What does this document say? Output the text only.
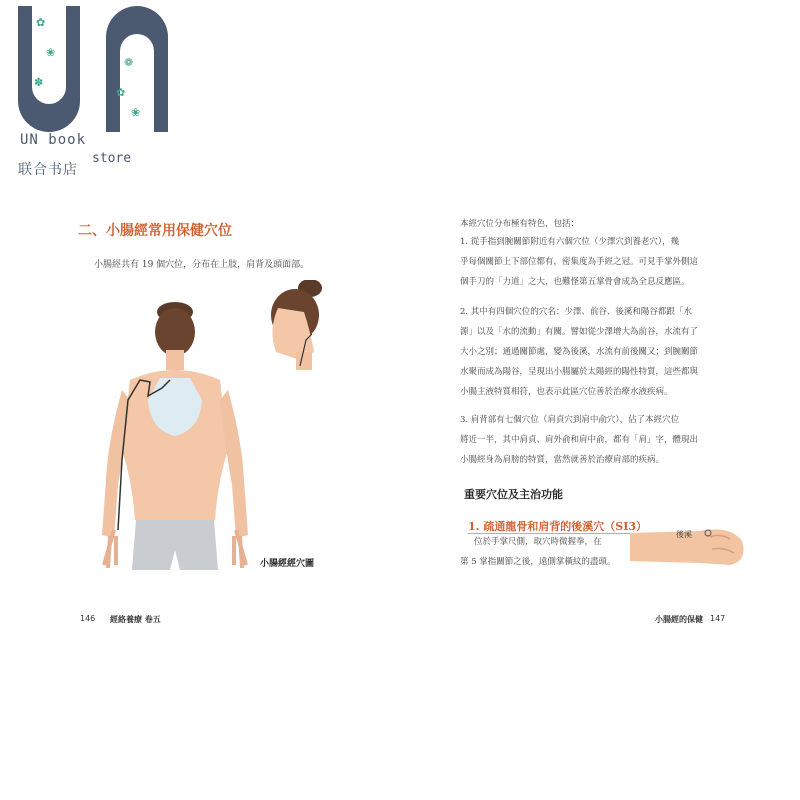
✿
❀
✽
❁
✿
❀
UN book
store
联合书店
二、小腸經常用保健穴位
小腸經共有 19 個穴位，分布在上肢，肩背及頭面部。
小腸經經穴圖
146 經絡養療 卷五
本經穴位分布極有特色，包括：
1. 從手指到腕關節附近有六個穴位（少澤穴到養老穴），幾
乎每個關節上下部位都有，密集度為手經之冠。可見手掌外側這
個手刀的「力道」之大，也難怪第五掌骨會成為全息反應區。
2. 其中有四個穴位的穴名：少澤、前谷、後溪和陽谷都跟「水
源」以及「水的流動」有關。譬如從少澤增大為前谷，水流有了
大小之別；通過關節處，變為後溪，水流有前後關又；到腕關節
水聚而成為陽谷，呈現出小腸屬於太陽經的陽性特質，這些都與
小腸主液特質相符，也表示此區穴位善於治療水液疾病。
3. 肩背部有七個穴位（肩貞穴到肩中俞穴），佔了本經穴位
將近一半，其中肩貞、肩外俞和肩中俞，都有「肩」字，體現出
小腸經身為肩膀的特質，當然就善於治療肩部的疾病。
重要穴位及主治功能
1. 疏通龍骨和肩背的後溪穴（SI3）
位於手掌尺側，取穴時微握拳，在
第 5 掌指關節之後，遠側掌橫紋的盡頭。
後溪
小腸經的保健 147
